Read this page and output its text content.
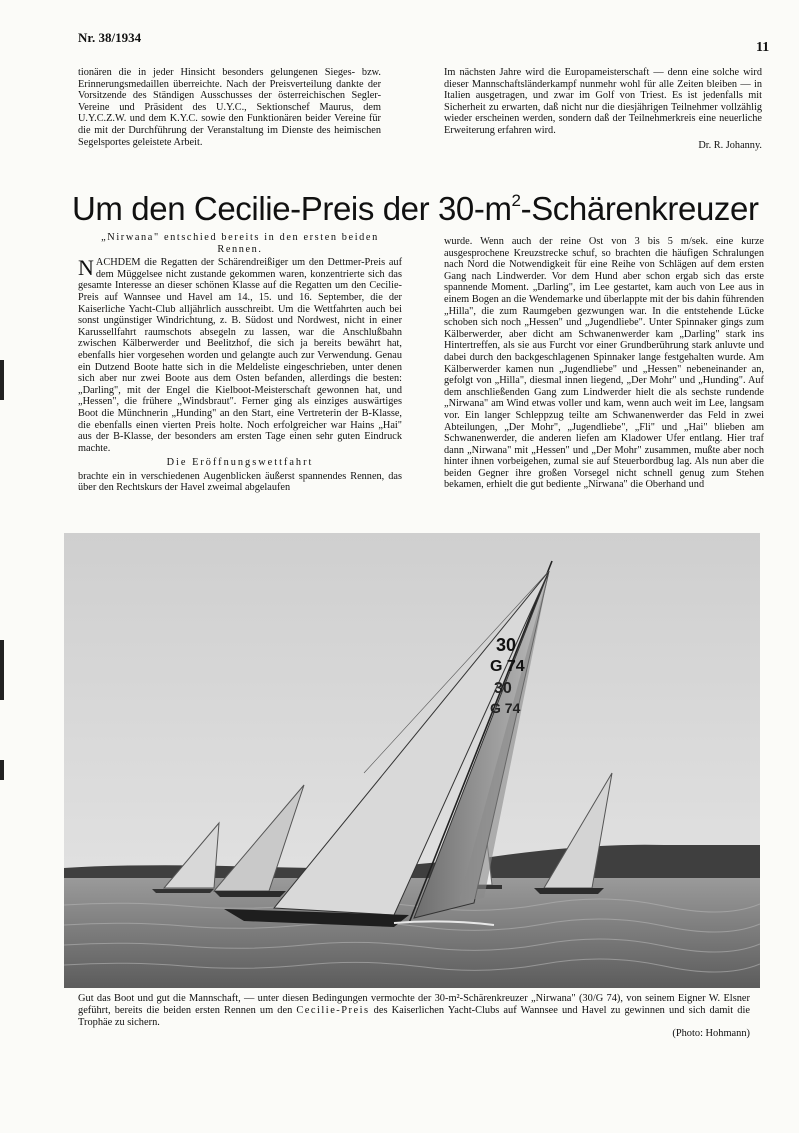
Nr. 38/1934
11

tionären die in jeder Hinsicht besonders gelungenen Sieges- bzw. Erinnerungsmedaillen überreichte. Nach der Preisverteilung dankte der Vorsitzende des Ständigen Ausschusses der österreichischen Segler-Vereine und Präsident des U.Y.C., Sektionschef Maurus, dem U.Y.C.Z.W. und dem K.Y.C. sowie den Funktionären beider Vereine für die mit der Durchführung der Veranstaltung im Dienste des heimischen Segelsportes geleistete Arbeit.

Im nächsten Jahre wird die Europameisterschaft — denn eine solche wird dieser Mannschaftsländerkampf nunmehr wohl für alle Zeiten bleiben — in Italien ausgetragen, und zwar im Golf von Triest. Es ist jedenfalls mit Sicherheit zu erwarten, daß nicht nur die diesjährigen Teilnehmer vollzählig wieder erscheinen werden, sondern daß der Teilnehmerkreis eine neuerliche Erweiterung erfahren wird.

Dr. R. Johanny.

Um den Cecilie-Preis der $30-m^2$-Schärenkreuzer

„Nirwana" entschied bereits in den ersten beiden Rennen.

NACHDEM die Regatten der Schärendreißiger um den Dettmer-Preis auf dem Müggelsee nicht zustande gekommen waren, konzentrierte sich das gesamte Interesse an dieser schönen Klasse auf die Regatten um den Cecilie-Preis auf Wannsee und Havel am 14., 15. und 16. September, die der Kaiserliche Yacht-Club alljährlich ausschreibt. Um die Wettfahrten auch bei sonst ungünstiger Windrichtung, z. B. Südost und Nordwest, nicht in einer Karussellfahrt raumschots absegeln zu lassen, war die Anschlußbahn zwischen Kälberwerder und Beelitzhof, die sich ja bereits bewährt hat, ebenfalls hier vorgesehen worden und gelangte auch zur Verwendung. Genau ein Dutzend Boote hatte sich in die Meldeliste eingeschrieben, unter denen sich aber nur zwei Boote aus dem Osten befanden, allerdings die besten: „Darling", mit der Engel die Kielboot-Meisterschaft gewonnen hat, und „Hessen", die frühere „Windsbraut". Ferner ging als einziges auswärtiges Boot die Münchnerin „Hunding" an den Start, eine Vertreterin der B-Klasse, die ebenfalls einen vierten Preis holte. Noch erfolgreicher war Hains „Hai" aus der B-Klasse, der besonders am ersten Tage einen sehr guten Eindruck machte.

Die Eröffnungswettfahrt

brachte ein in verschiedenen Augenblicken äußerst spannendes Rennen, das über den Rechtskurs der Havel zweimal abgelaufen

wurde. Wenn auch der reine Ost von 3 bis 5 m/sek. eine kurze ausgesprochene Kreuzstrecke schuf, so brachten die häufigen Schralungen nach Nord die Notwendigkeit für eine Reihe von Schlägen auf dem ersten Gang nach Lindwerder. Vor dem Hund aber schon ergab sich das erste spannende Moment. „Darling", im Lee gestartet, kam auch von Lee aus in einem Bogen an die Wendemarke und überlappte mit der bis dahin führenden „Hilla", die zum Raumgeben gezwungen war. In die entstehende Lücke schoben sich noch „Hessen" und „Jugendliebe". Unter Spinnaker gings zum Kälberwerder, aber dicht am Schwanenwerder kam „Darling" stark ins Hintertreffen, als sie aus Furcht vor einer Grundberührung stark anluvte und dabei durch den backgeschlagenen Spinnaker lange festgehalten wurde. Am Kälberwerder kamen nun „Jugendliebe" und „Hessen" nebeneinander an, gefolgt von „Hilla", diesmal innen liegend, „Der Mohr" und „Hunding". Auf dem anschließenden Gang zum Lindwerder hielt die als sechste rundende „Nirwana" am Wind etwas voller und kam, wenn auch weit im Lee, langsam vor. Ein langer Schleppzug teilte am Schwanenwerder das Feld in zwei Abteilungen, „Der Mohr", „Jugendliebe", „Fli" und „Hai" blieben am Schwanenwerder, die anderen liefen am Kladower Ufer entlang. Hier traf dann „Nirwana" mit „Hessen" und „Der Mohr" zusammen, mußte aber noch hinter ihnen vorbeigehen, zumal sie auf Steuerbordbug lag. Als nun aber die beiden Gegner ihre großen Vorsegel nicht schnell genug zum Stehen bekamen, erhielt die gut bediente „Nirwana" die Oberhand und

30
G 74
30
G 74
Gut das Boot und gut die Mannschaft, — unter diesen Bedingungen vermochte der 30-m²-Schärenkreuzer „Nirwana" (30/G 74), von seinem Eigner W. Elsner geführt, bereits die beiden ersten Rennen um den Cecilie-Preis des Kaiserlichen Yacht-Clubs auf Wannsee und Havel zu gewinnen und sich damit die Trophäe zu sichern.
(Photo: Hohmann)
